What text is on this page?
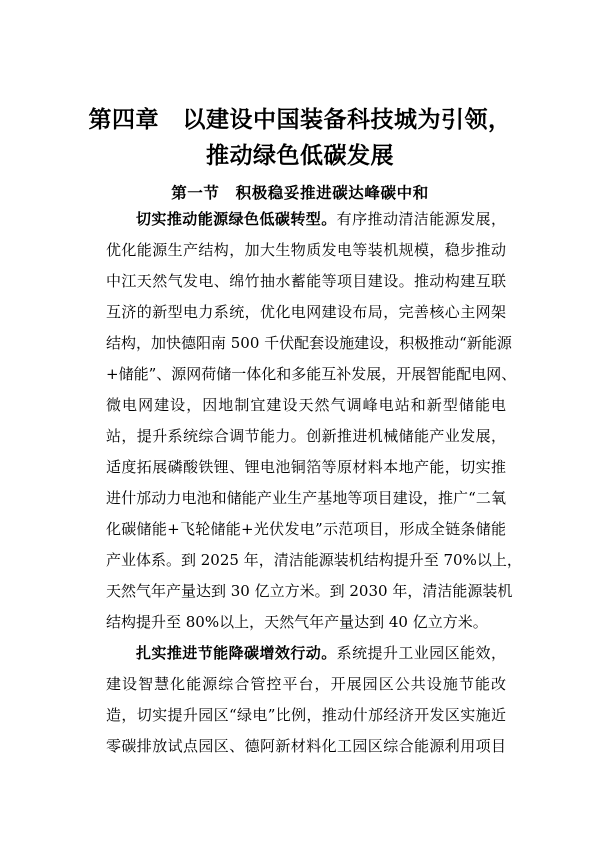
第四章　以建设中国装备科技城为引领，
推动绿色低碳发展
第一节　积极稳妥推进碳达峰碳中和
切实推动能源绿色低碳转型。有序推动清洁能源发展，
优化能源生产结构，加大生物质发电等装机规模，稳步推动
中江天然气发电、绵竹抽水蓄能等项目建设。推动构建互联
互济的新型电力系统，优化电网建设布局，完善核心主网架
结构，加快德阳南 500 千伏配套设施建设，积极推动“新能源
+储能”、源网荷储一体化和多能互补发展，开展智能配电网、
微电网建设，因地制宜建设天然气调峰电站和新型储能电
站，提升系统综合调节能力。创新推进机械储能产业发展，
适度拓展磷酸铁锂、锂电池铜箔等原材料本地产能，切实推
进什邡动力电池和储能产业生产基地等项目建设，推广“二氧
化碳储能+飞轮储能+光伏发电”示范项目，形成全链条储能
产业体系。到 2025 年，清洁能源装机结构提升至 70%以上，
天然气年产量达到 30 亿立方米。到 2030 年，清洁能源装机
结构提升至 80%以上，天然气年产量达到 40 亿立方米。
扎实推进节能降碳增效行动。系统提升工业园区能效，
建设智慧化能源综合管控平台，开展园区公共设施节能改
造，切实提升园区“绿电”比例，推动什邡经济开发区实施近
零碳排放试点园区、德阿新材料化工园区综合能源利用项目
